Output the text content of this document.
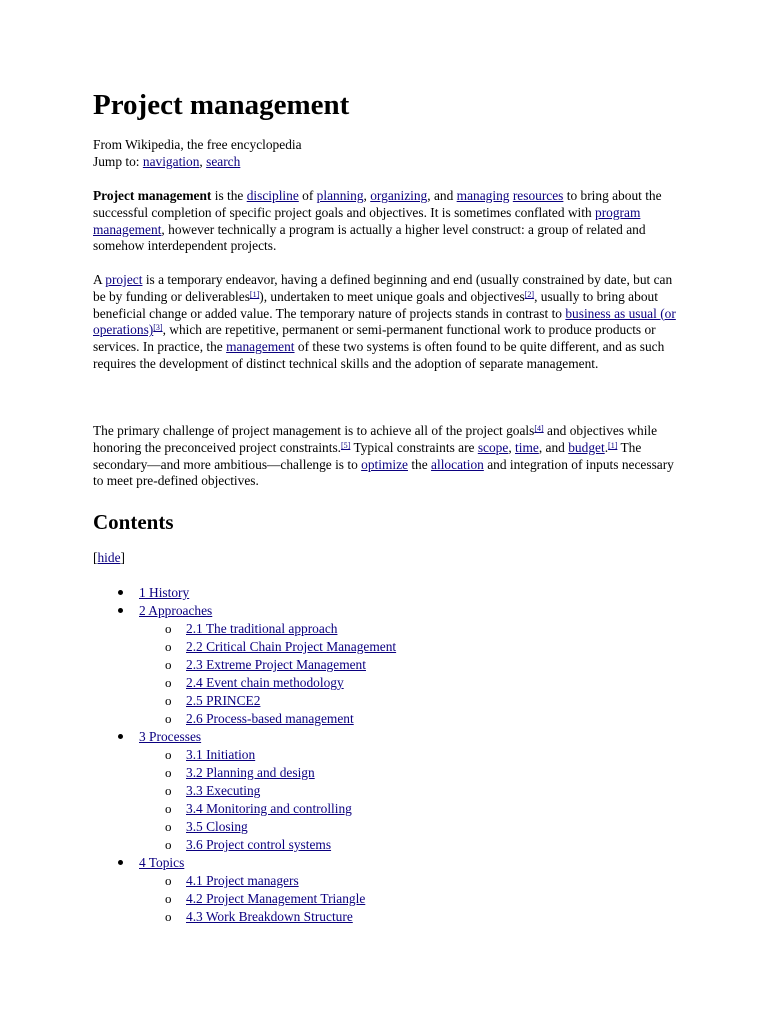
Project management
From Wikipedia, the free encyclopedia
Jump to: navigation, search

Project management is the discipline of planning, organizing, and managing resources to bring about the successful completion of specific project goals and objectives. It is sometimes conflated with program management, however technically a program is actually a higher level construct: a group of related and somehow interdependent projects.

A project is a temporary endeavor, having a defined beginning and end (usually constrained by date, but can be by funding or deliverables[1]), undertaken to meet unique goals and objectives[2], usually to bring about beneficial change or added value. The temporary nature of projects stands in contrast to business as usual (or operations)[3], which are repetitive, permanent or semi-permanent functional work to produce products or services. In practice, the management of these two systems is often found to be quite different, and as such requires the development of distinct technical skills and the adoption of separate management.

The primary challenge of project management is to achieve all of the project goals[4] and objectives while honoring the preconceived project constraints.[5] Typical constraints are scope, time, and budget.[1] The secondary—and more ambitious—challenge is to optimize the allocation and integration of inputs necessary to meet pre-defined objectives.

Contents
[hide]
1 History
2 Approaches
o 2.1 The traditional approach
o 2.2 Critical Chain Project Management
o 2.3 Extreme Project Management
o 2.4 Event chain methodology
o 2.5 PRINCE2
o 2.6 Process-based management
3 Processes
o 3.1 Initiation
o 3.2 Planning and design
o 3.3 Executing
o 3.4 Monitoring and controlling
o 3.5 Closing
o 3.6 Project control systems
4 Topics
o 4.1 Project managers
o 4.2 Project Management Triangle
o 4.3 Work Breakdown Structure
